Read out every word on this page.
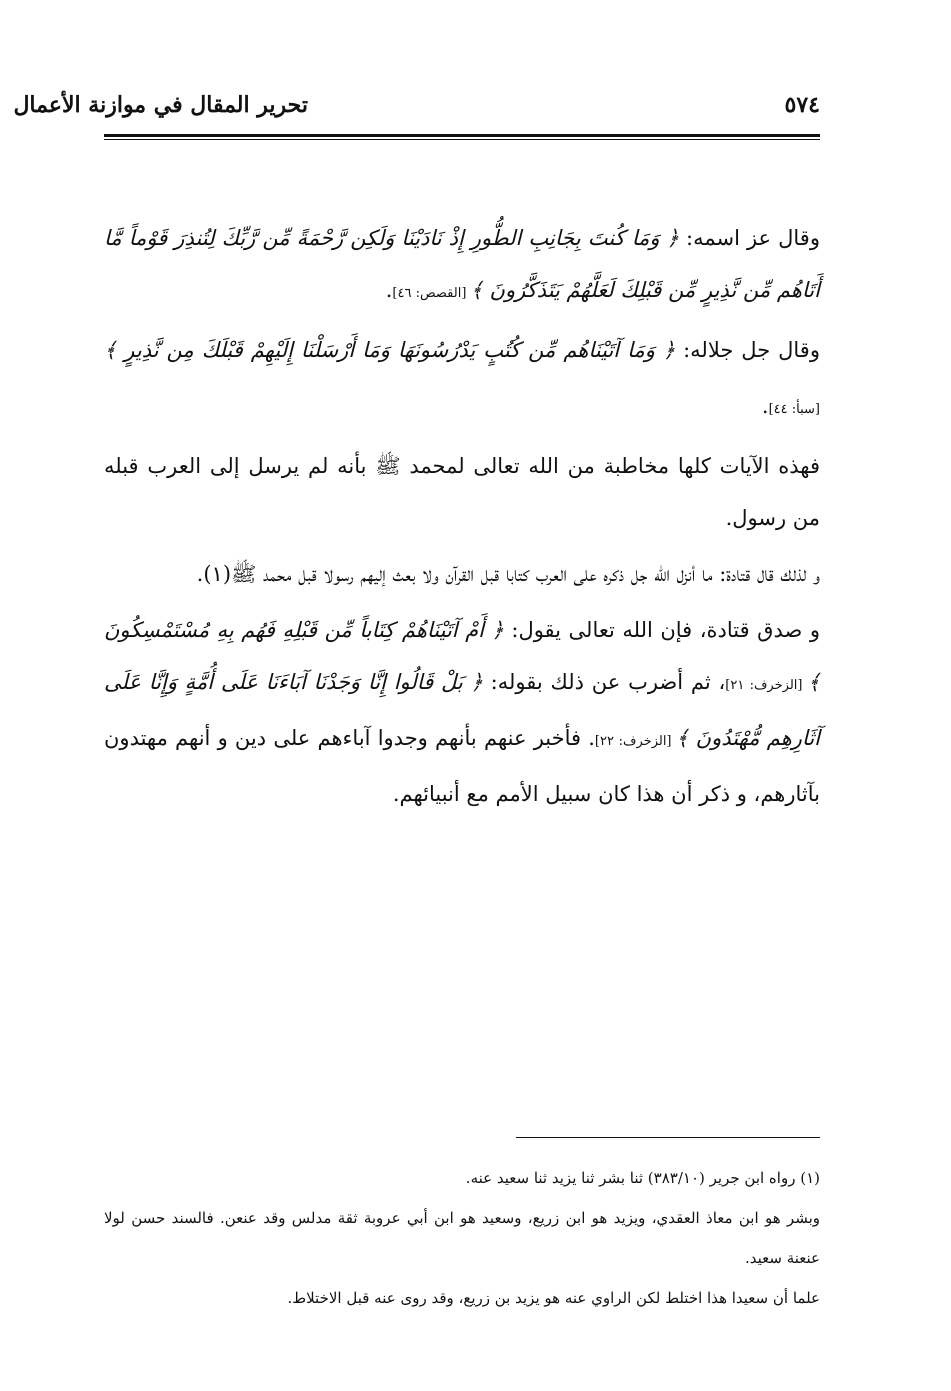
٥٧٤
تحرير المقال في موازنة الأعمال

وقال عز اسمه: ﴿ وَمَا كُنتَ بِجَانِبِ الطُّورِ إِذْ نَادَيْنَا وَلَكِن رَّحْمَةً مِّن رَّبِّكَ لِتُنذِرَ قَوْماً مَّا أَتَاهُم مِّن نَّذِيرٍ مِّن قَبْلِكَ لَعَلَّهُمْ يَتَذَكَّرُونَ ﴾ [القصص: ٤٦].

وقال جل جلاله: ﴿ وَمَا آتَيْنَاهُم مِّن كُتُبٍ يَدْرُسُونَهَا وَمَا أَرْسَلْنَا إِلَيْهِمْ قَبْلَكَ مِن نَّذِيرٍ ﴾ [سبأ: ٤٤].

فهذه الآيات كلها مخاطبة من الله تعالى لمحمد ﷺ بأنه لم يرسل إلى العرب قبله من رسول.

و لذلك قال قتادة: ما أنزل الله جل ذكره على العرب كتابا قبل القرآن ولا بعث إليهم رسولا قبل محمد ﷺ(١).

و صدق قتادة، فإن الله تعالى يقول: ﴿ أَمْ آتَيْنَاهُمْ كِتَاباً مِّن قَبْلِهِ فَهُم بِهِ مُسْتَمْسِكُونَ ﴾ [الزخرف: ٢١]، ثم أضرب عن ذلك بقوله: ﴿ بَلْ قَالُوا إِنَّا وَجَدْنَا آبَاءَنَا عَلَى أُمَّةٍ وَإِنَّا عَلَى آثَارِهِم مُّهْتَدُونَ ﴾ [الزخرف: ٢٢]. فأخبر عنهم بأنهم وجدوا آباءهم على دين و أنهم مهتدون بآثارهم، و ذكر أن هذا كان سبيل الأمم مع أنبيائهم.

(١) رواه ابن جرير (٣٨٣/١٠) ثنا بشر ثنا يزيد ثنا سعيد عنه.

وبشر هو ابن معاذ العقدي، ويزيد هو ابن زريع، وسعيد هو ابن أبي عروبة ثقة مدلس وقد عنعن. فالسند حسن لولا عنعنة سعيد.

علما أن سعيدا هذا اختلط لكن الراوي عنه هو يزيد بن زريع، وقد روى عنه قبل الاختلاط.
